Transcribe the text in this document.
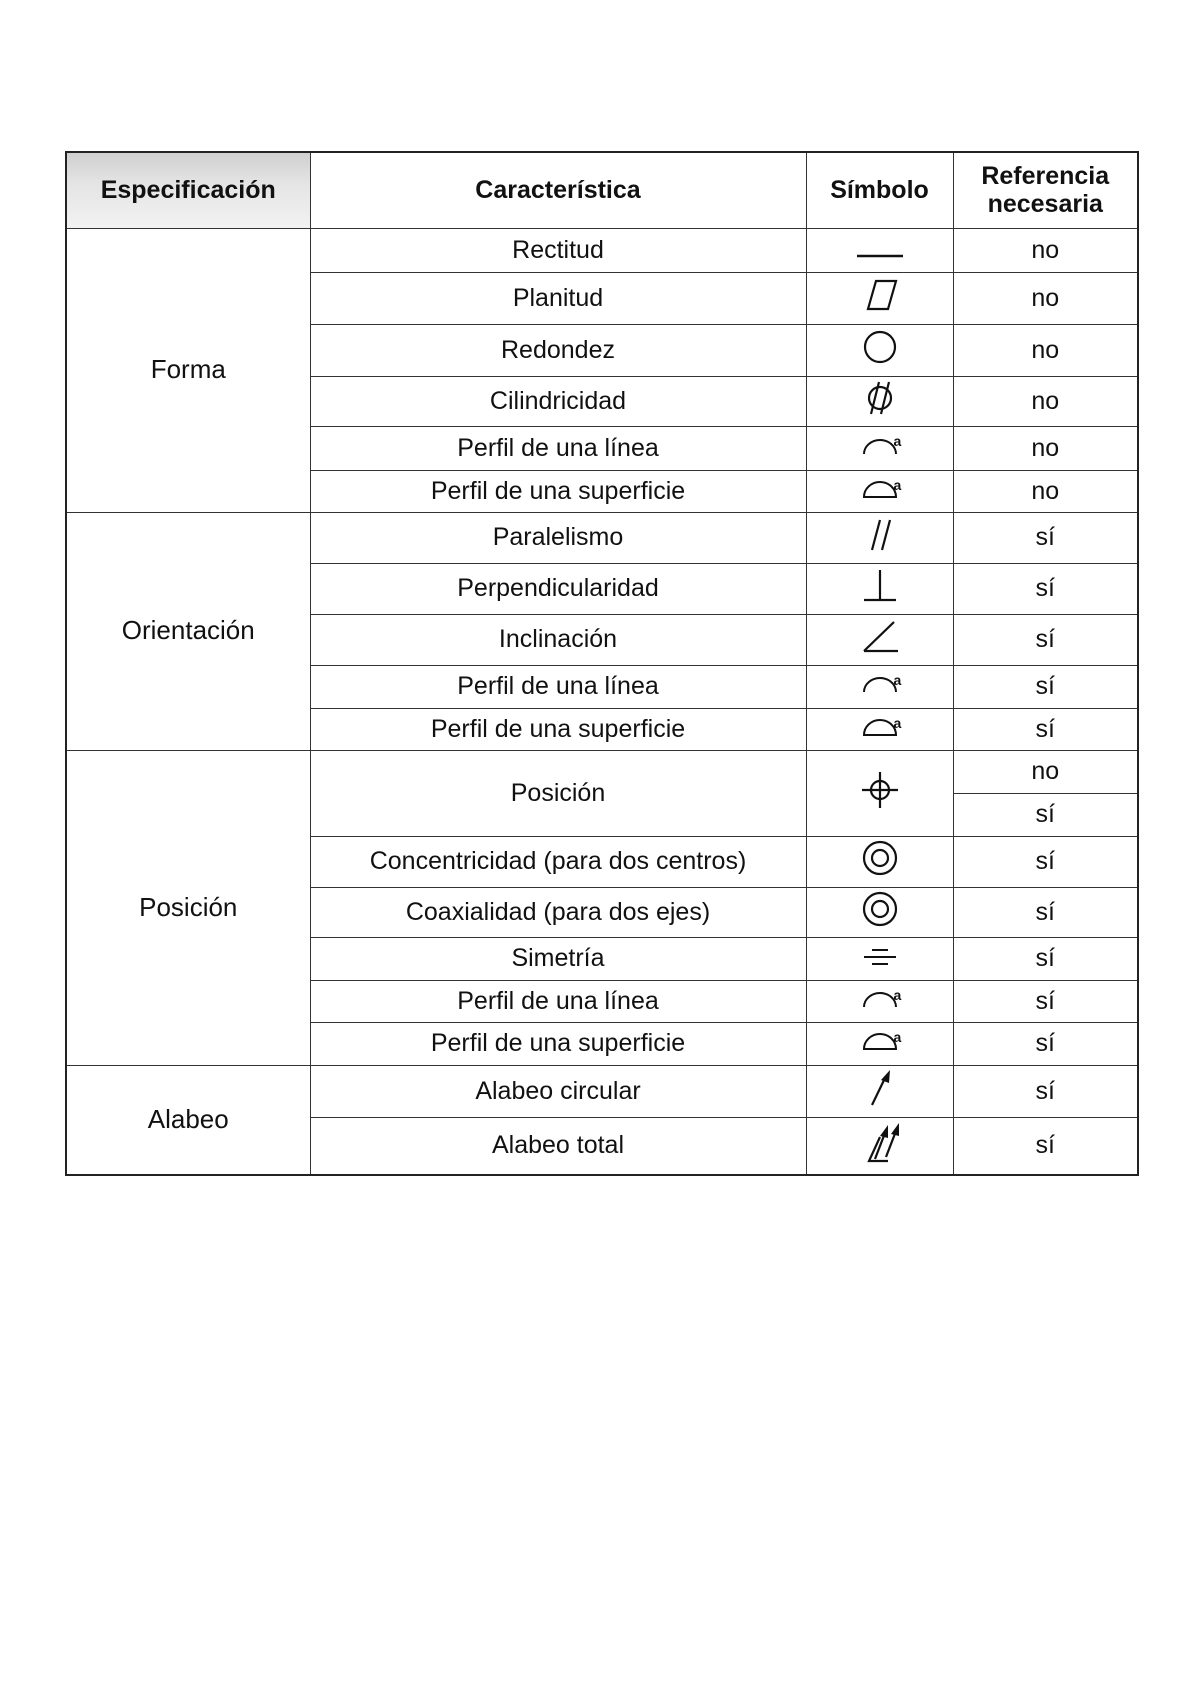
Especificación	Característica	Símbolo	Referencia
necesaria
Forma	Rectitud		no
	Planitud		no
	Redondez		no
	Cilindricidad		no
	Perfil de una línea	a	no
	Perfil de una superficie	a	no
Orientación	Paralelismo		sí
	Perpendicularidad		sí
	Inclinación		sí
	Perfil de una línea	a	sí
	Perfil de una superficie	a	sí
Posición	Posición		no
			sí
	Concentricidad (para dos centros)		sí
	Coaxialidad (para dos ejes)		sí
	Simetría		sí
	Perfil de una línea	a	sí
	Perfil de una superficie	a	sí
Alabeo	Alabeo circular		sí
	Alabeo total		sí
